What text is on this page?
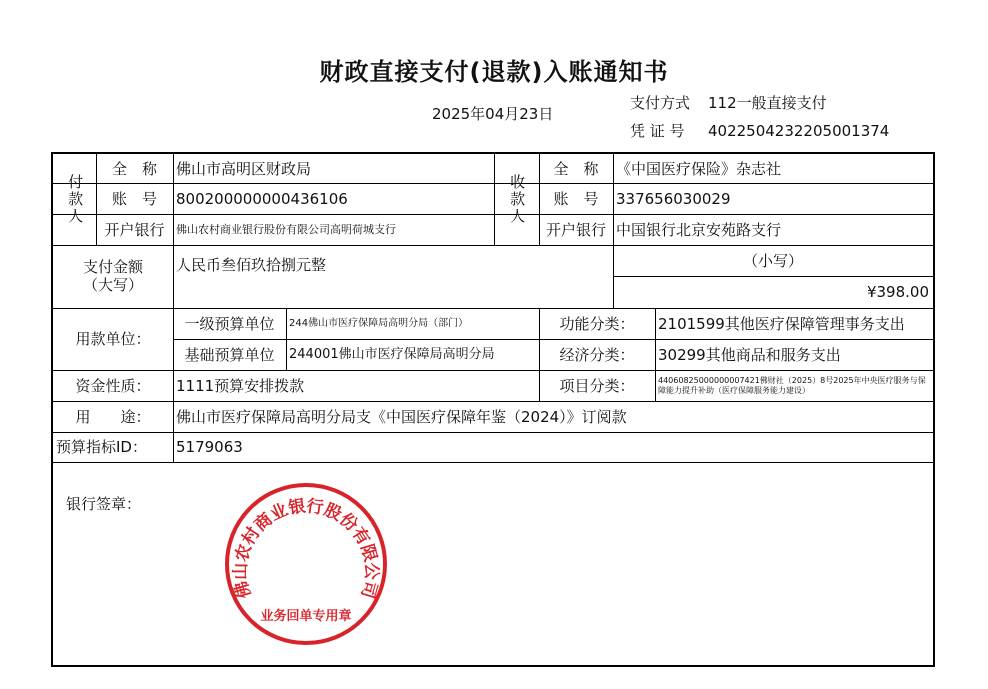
财政直接支付(退款)入账通知书
2025年04月23日
支付方式 112一般直接支付
凭 证 号 4022504232205001374
付款人
全　称	佛山市高明区财政局
账　号	800200000000436106
开户银行	佛山农村商业银行股份有限公司高明荷城支行
收款人
全　称	《中国医疗保险》杂志社
账　号	337656030029
开户银行 中国银行北京安苑路支行
支付金额
（大写）
人民币叁佰玖拾捌元整	（小写）
¥398.00
用款单位：
一级预算单位	244佛山市医疗保障局高明分局（部门）	功能分类：	2101599其他医疗保障管理事务支出
基础预算单位	244001佛山市医疗保障局高明分局	经济分类：	30299其他商品和服务支出
资金性质：	1111预算安排拨款	项目分类：	44060825000000007421佛财社（2025）8号2025年中央医疗服务与保障能力提升补助（医疗保障服务能力建设）
用　　途：	佛山市医疗保障局高明分局支《中国医疗保障年鉴（2024）》订阅款
预算指标ID：	5179063
银行签章：
佛山农村商业银行股份有限公司
业务回单专用章
